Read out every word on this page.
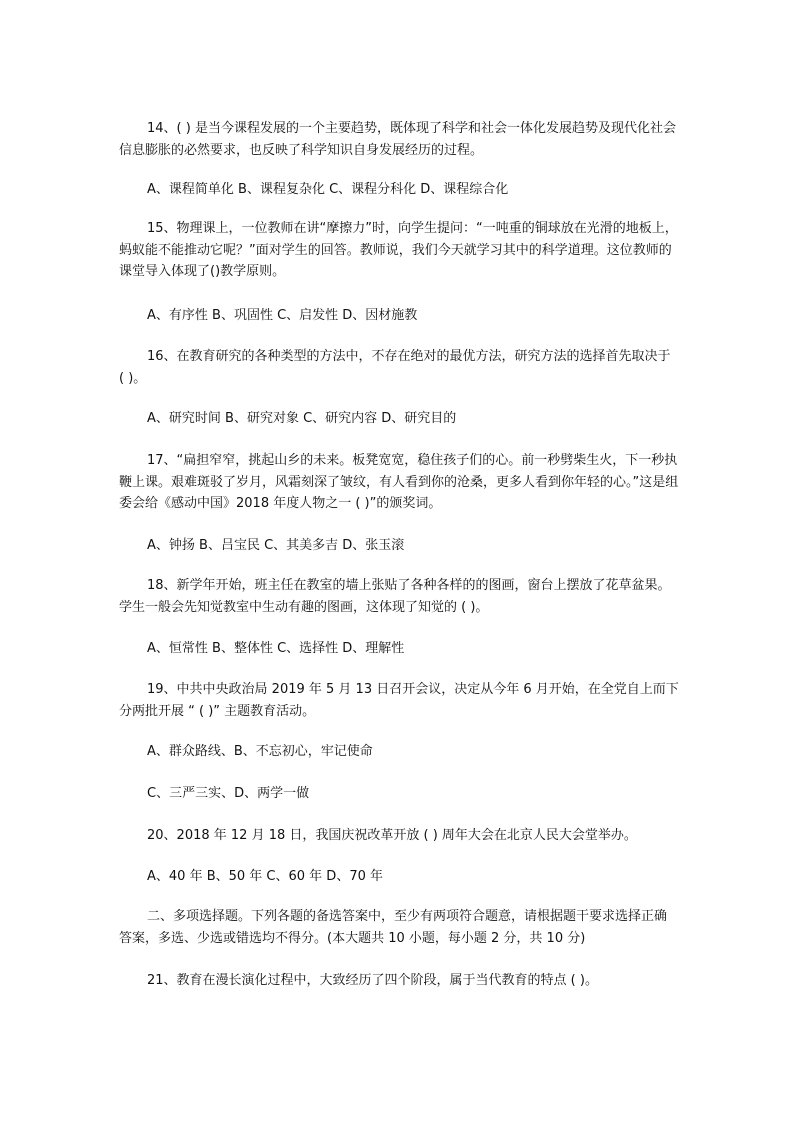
14、( ) 是当今课程发展的一个主要趋势，既体现了科学和社会一体化发展趋势及现代化社会信息膨胀的必然要求，也反映了科学知识自身发展经历的过程。

A、课程简单化 B、课程复杂化 C、课程分科化 D、课程综合化

15、物理课上，一位教师在讲“摩擦力”时，向学生提问：“一吨重的铜球放在光滑的地板上，蚂蚁能不能推动它呢？”面对学生的回答。教师说，我们今天就学习其中的科学道理。这位教师的课堂导入体现了()教学原则。

A、有序性 B、巩固性 C、启发性 D、因材施教

16、在教育研究的各种类型的方法中，不存在绝对的最优方法，研究方法的选择首先取决于 ( )。

A、研究时间 B、研究对象 C、研究内容 D、研究目的

17、“扁担窄窄，挑起山乡的未来。板凳宽宽，稳住孩子们的心。前一秒劈柴生火，下一秒执鞭上课。艰难斑驳了岁月，风霜刻深了皱纹，有人看到你的沧桑，更多人看到你年轻的心。”这是组委会给《感动中国》2018 年度人物之一 ( )”的颁奖词。

A、钟扬 B、吕宝民 C、其美多吉 D、张玉滚

18、新学年开始，班主任在教室的墙上张贴了各种各样的的图画，窗台上摆放了花草盆果。学生一般会先知觉教室中生动有趣的图画，这体现了知觉的 ( )。

A、恒常性 B、整体性 C、选择性 D、理解性

19、中共中央政治局 2019 年 5 月 13 日召开会议，决定从今年 6 月开始，在全党自上而下分两批开展 “ ( )” 主题教育活动。

A、群众路线、B、不忘初心，牢记使命

C、三严三实、D、两学一做

20、2018 年 12 月 18 日，我国庆祝改革开放 ( ) 周年大会在北京人民大会堂举办。

A、40 年 B、50 年 C、60 年 D、70 年

二、多项选择题。下列各题的备选答案中，至少有两项符合题意，请根据题干要求选择正确答案，多选、少选或错选均不得分。(本大题共 10 小题，每小题 2 分，共 10 分)

21、教育在漫长演化过程中，大致经历了四个阶段，属于当代教育的特点 ( )。
